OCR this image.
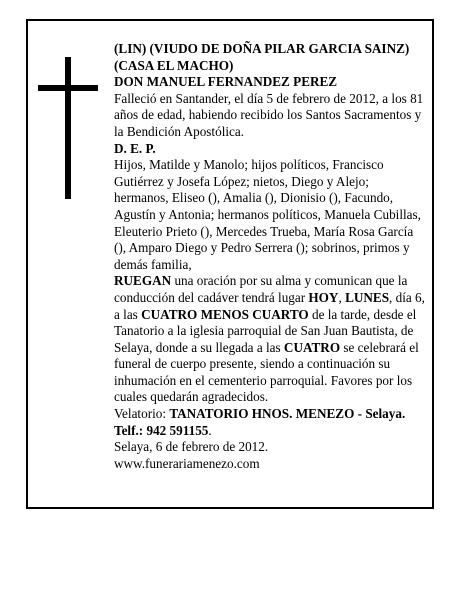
(LIN) (VIUDO DE DOÑA PILAR GARCIA SAINZ)

(CASA EL MACHO)

DON MANUEL FERNANDEZ PEREZ

Falleció en Santander, el día 5 de febrero de 2012, a los 81 años de edad, habiendo recibido los Santos Sacramentos y la Bendición Apostólica.

D. E. P.

Hijos, Matilde y Manolo; hijos políticos, Francisco Gutiérrez y Josefa López; nietos, Diego y Alejo; hermanos, Eliseo (), Amalia (), Dionisio (), Facundo, Agustín y Antonia; hermanos políticos, Manuela Cubillas, Eleuterio Prieto (), Mercedes Trueba, María Rosa García (), Amparo Diego y Pedro Serrera (); sobrinos, primos y demás familia,

RUEGAN una oración por su alma y comunican que la conducción del cadáver tendrá lugar HOY, LUNES, día 6, a las CUATRO MENOS CUARTO de la tarde, desde el Tanatorio a la iglesia parroquial de San Juan Bautista, de Selaya, donde a su llegada a las CUATRO se celebrará el funeral de cuerpo presente, siendo a continuación su inhumación en el cementerio parroquial. Favores por los cuales quedarán agradecidos.

Velatorio: TANATORIO HNOS. MENEZO - Selaya. Telf.: 942 591155.

Selaya, 6 de febrero de 2012.

www.funerariamenezo.com
